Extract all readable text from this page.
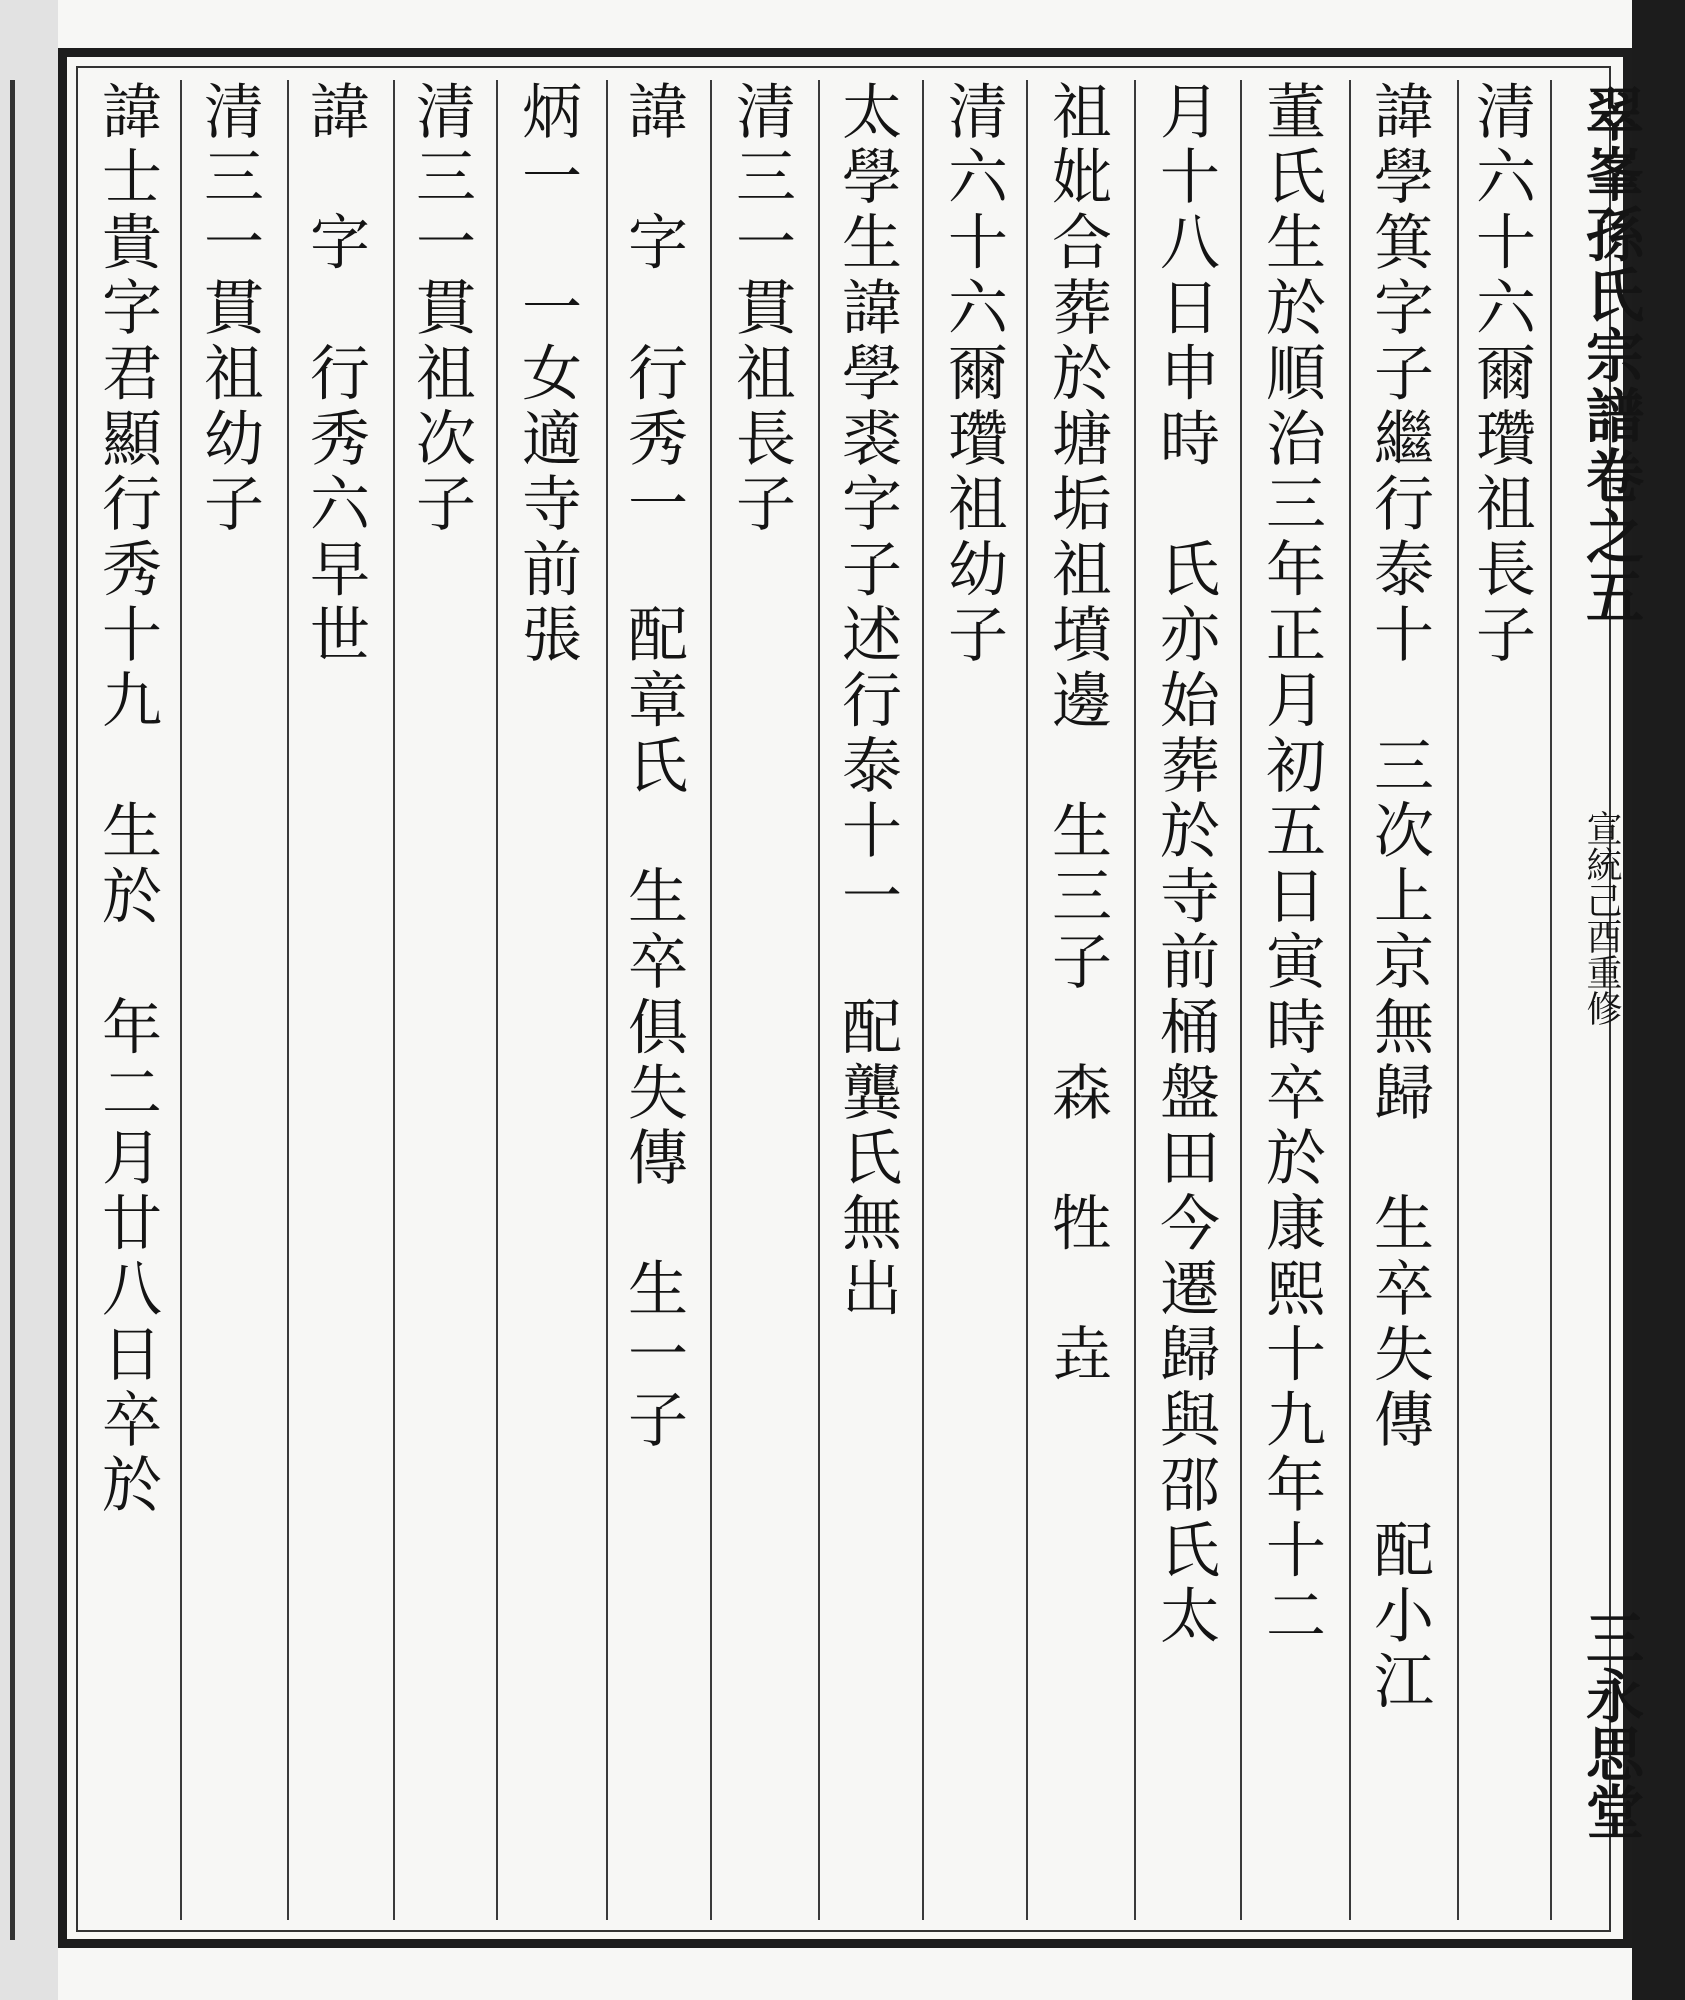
翠峯孫氏宗譜卷之五
宣統己酉重修
三永思堂
清六十六爾瓚祖長子
諱學箕字子繼行泰十　三次上京無歸　生卒失傳　配小江
董氏生於順治三年正月初五日寅時卒於康熙十九年十二
月十八日申時　氏亦始葬於寺前桶盤田今遷歸與邵氏太
祖妣合葬於塘垢祖墳邊　生三子　森　牲　垚
清六十六爾瓚祖幼子
太學生諱學裘字子述行泰十一　配龔氏無出
清三一貫祖長子
諱　字　行秀一　配章氏　生卒俱失傳　生一子
炳一　一女適寺前張
清三一貫祖次子
諱　字　行秀六早世
清三一貫祖幼子
諱士貴字君顯行秀十九　生於　年二月廿八日卒於
